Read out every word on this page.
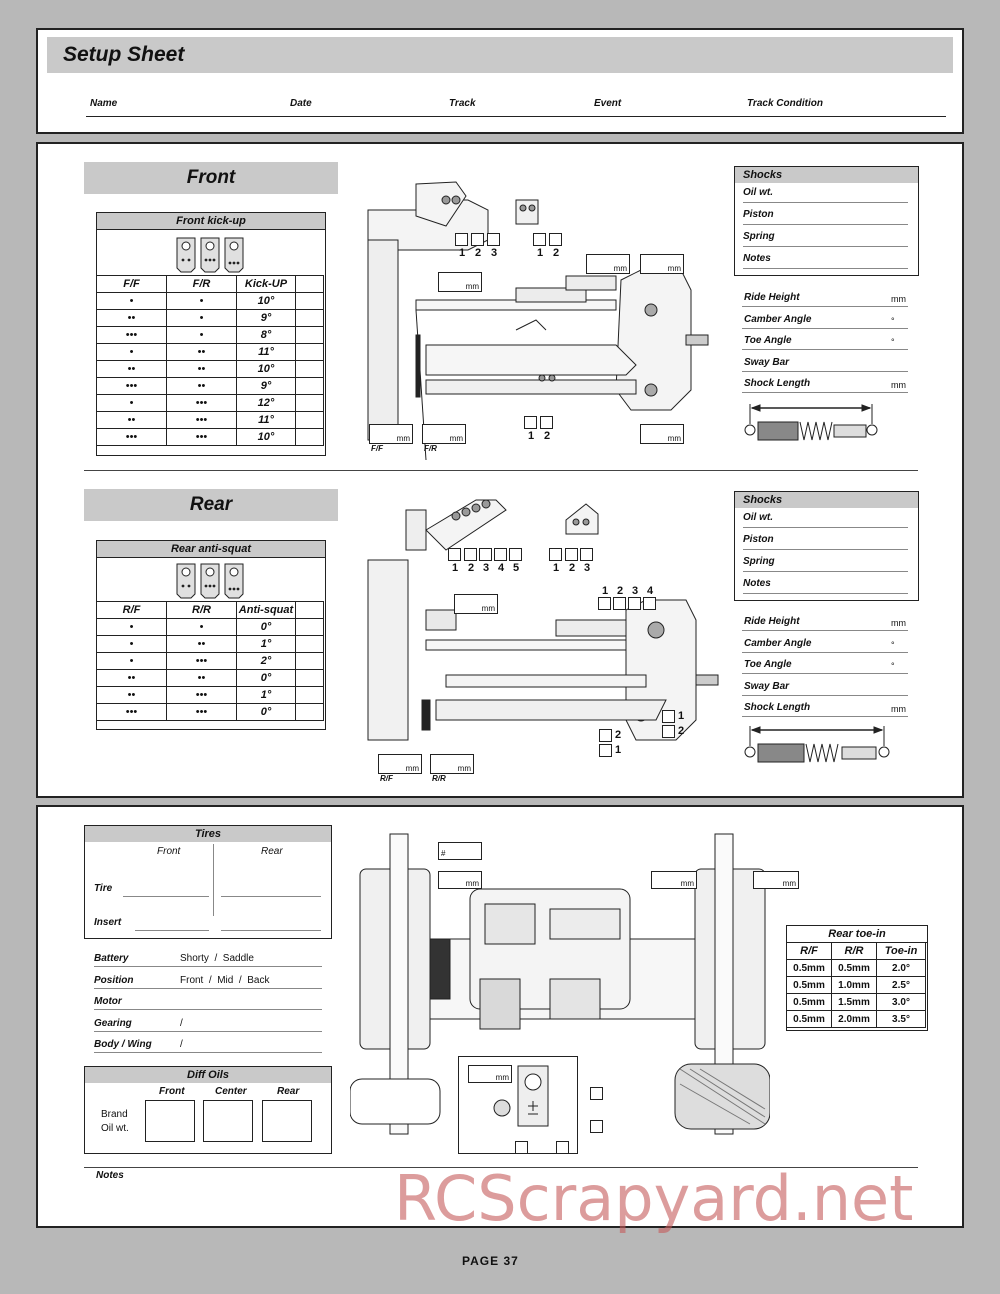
Setup Sheet
Name	Date	Track	Event	Track Condition
Front
Front kick-up
F/F	F/R	Kick-UP	
•	•	10°	
••	•	9°	
•••	•	8°	
•	••	11°	
••	••	10°	
•••	••	9°	
•	•••	12°	
••	•••	11°	
•••	•••	10°	
1 2 3	1 2
mm	mm
mm
1 2
mm	mm	mm
F/F	F/R
Shocks
Oil wt.
Piston
Spring
Notes
Ride Height	mm
Camber Angle	°
Toe Angle	°
Sway Bar
Shock Length	mm
Rear
Rear anti-squat
R/F	R/R	Anti-squat	
•	•	0°	
•	••	1°	
•	•••	2°	
••	••	0°	
••	•••	1°	
•••	•••	0°	
1 2 3 4 5	1 2 3
1 2 3 4
mm
1
2
2
1
mm	mm
R/F	R/R
Shocks
Oil wt.
Piston
Spring
Notes
Ride Height	mm
Camber Angle	°
Toe Angle	°
Sway Bar
Shock Length	mm
Tires
Front	Rear
Tire
Insert
Battery	Shorty  /  Saddle
Position	Front  /  Mid  /  Back
Motor
Gearing	/
Body / Wing	/
Diff Oils
Front	Center	Rear
Brand
Oil wt.
Notes
#
mm	mm	mm
mm
Rear toe-in
R/F	R/R	Toe-in
0.5mm	0.5mm	2.0°
0.5mm	1.0mm	2.5°
0.5mm	1.5mm	3.0°
0.5mm	2.0mm	3.5°
RCScrapyard.net
PAGE 37
